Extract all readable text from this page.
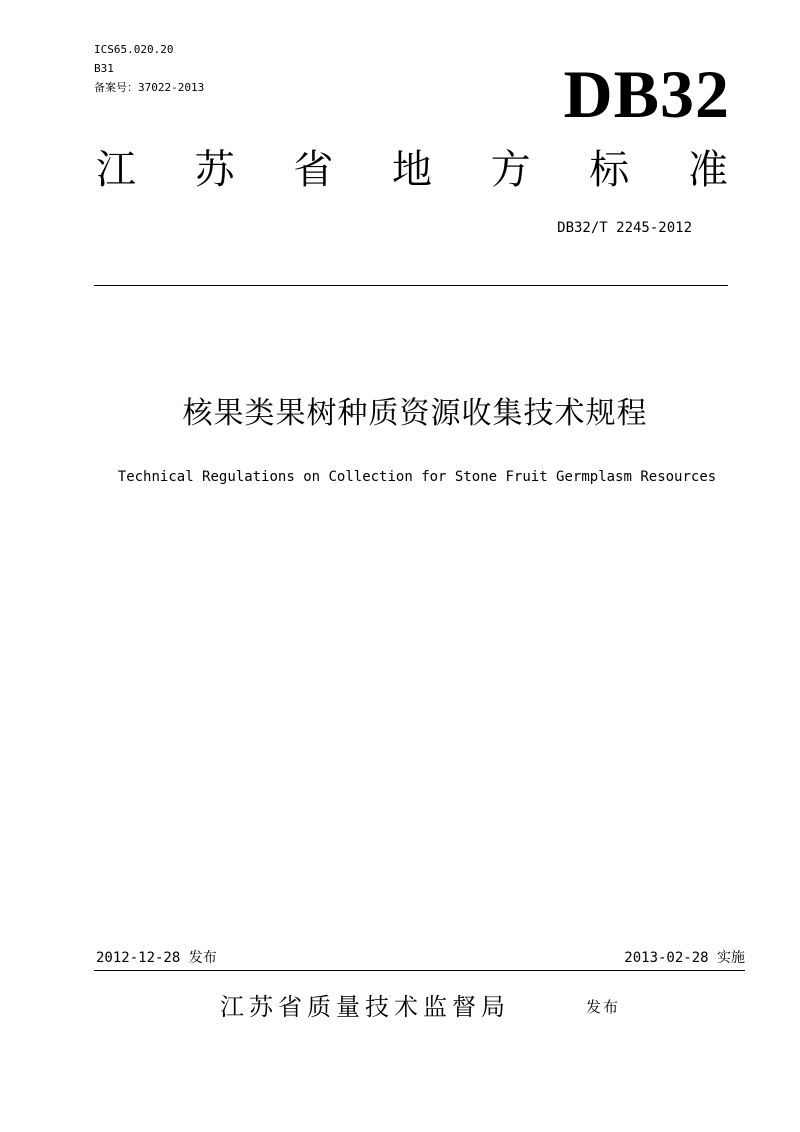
ICS65.020.20
B31
备案号：37022-2013	DB32
江 苏 省 地 方 标 准
DB32/T 2245-2012
核果类果树种质资源收集技术规程
Technical Regulations on Collection for Stone Fruit Germplasm Resources
2012-12-28 发布	2013-02-28 实施
江苏省质量技术监督局	发布
